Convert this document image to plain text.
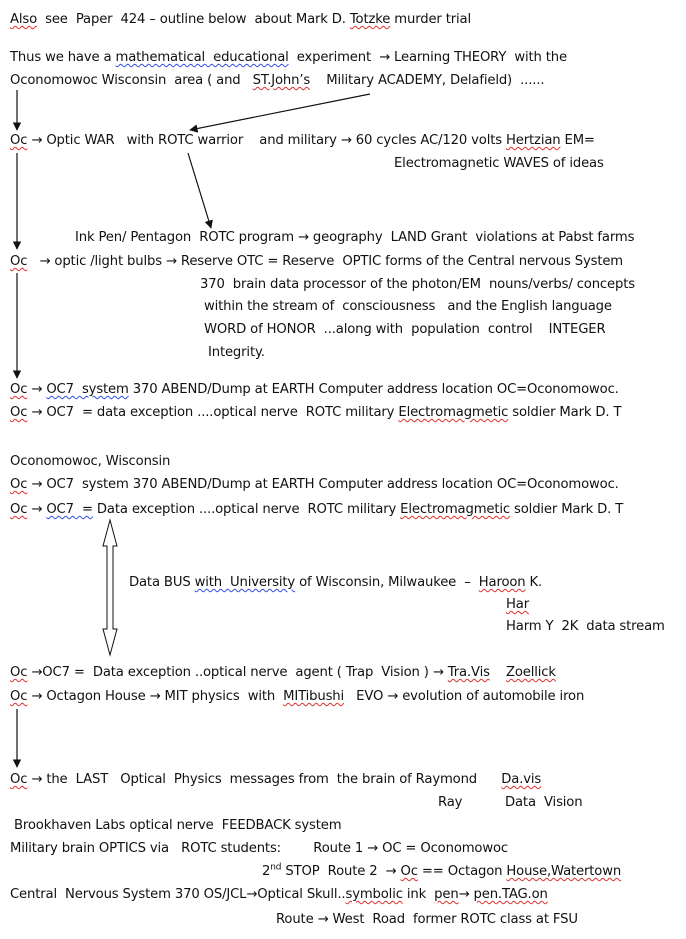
Also  see  Paper  424 – outline below  about Mark D. Totzke murder trial
Thus we have a mathematical  educational  experiment  → Learning THEORY  with the
Oconomowoc Wisconsin  area ( and   ST.John’s    Military ACADEMY, Delafield)  ......
Oc → Optic WAR   with ROTC warrior    and military → 60 cycles AC/120 volts Hertzian EM=
Electromagnetic WAVES of ideas
Ink Pen/ Pentagon  ROTC program → geography  LAND Grant  violations at Pabst farms
Oc   → optic /light bulbs → Reserve OTC = Reserve  OPTIC forms of the Central nervous System
370  brain data processor of the photon/EM  nouns/verbs/ concepts
within the stream of  consciousness   and the English language
WORD of HONOR  ...along with  population  control    INTEGER
Integrity.
Oc → OC7  system 370 ABEND/Dump at EARTH Computer address location OC=Oconomowoc.
Oc → OC7  = data exception ....optical nerve  ROTC military Electromagmetic soldier Mark D. T
Oconomowoc, Wisconsin
Oc → OC7  system 370 ABEND/Dump at EARTH Computer address location OC=Oconomowoc.
Oc → OC7  = Data exception ....optical nerve  ROTC military Electromagmetic soldier Mark D. T
Data BUS with  University of Wisconsin, Milwaukee  –  Haroon K.
Har
Harm Y  2K  data stream
Oc →OC7 =  Data exception ..optical nerve  agent ( Trap  Vision ) → Tra.Vis Zoellick
Oc → Octagon House → MIT physics  with  MITibushi   EVO → evolution of automobile iron
Oc → the  LAST   Optical  Physics  messages from  the brain of Raymond      Da.vis
Ray	Data  Vision
Brookhaven Labs optical nerve  FEEDBACK system
Military brain OPTICS via   ROTC students:        Route 1 → OC = Oconomowoc
2nd STOP  Route 2  → Oc == Octagon House,Watertown
Central  Nervous System 370 OS/JCL→Optical Skull..symbolic ink  pen→ pen.TAG.on
Route → West  Road  former ROTC class at FSU
